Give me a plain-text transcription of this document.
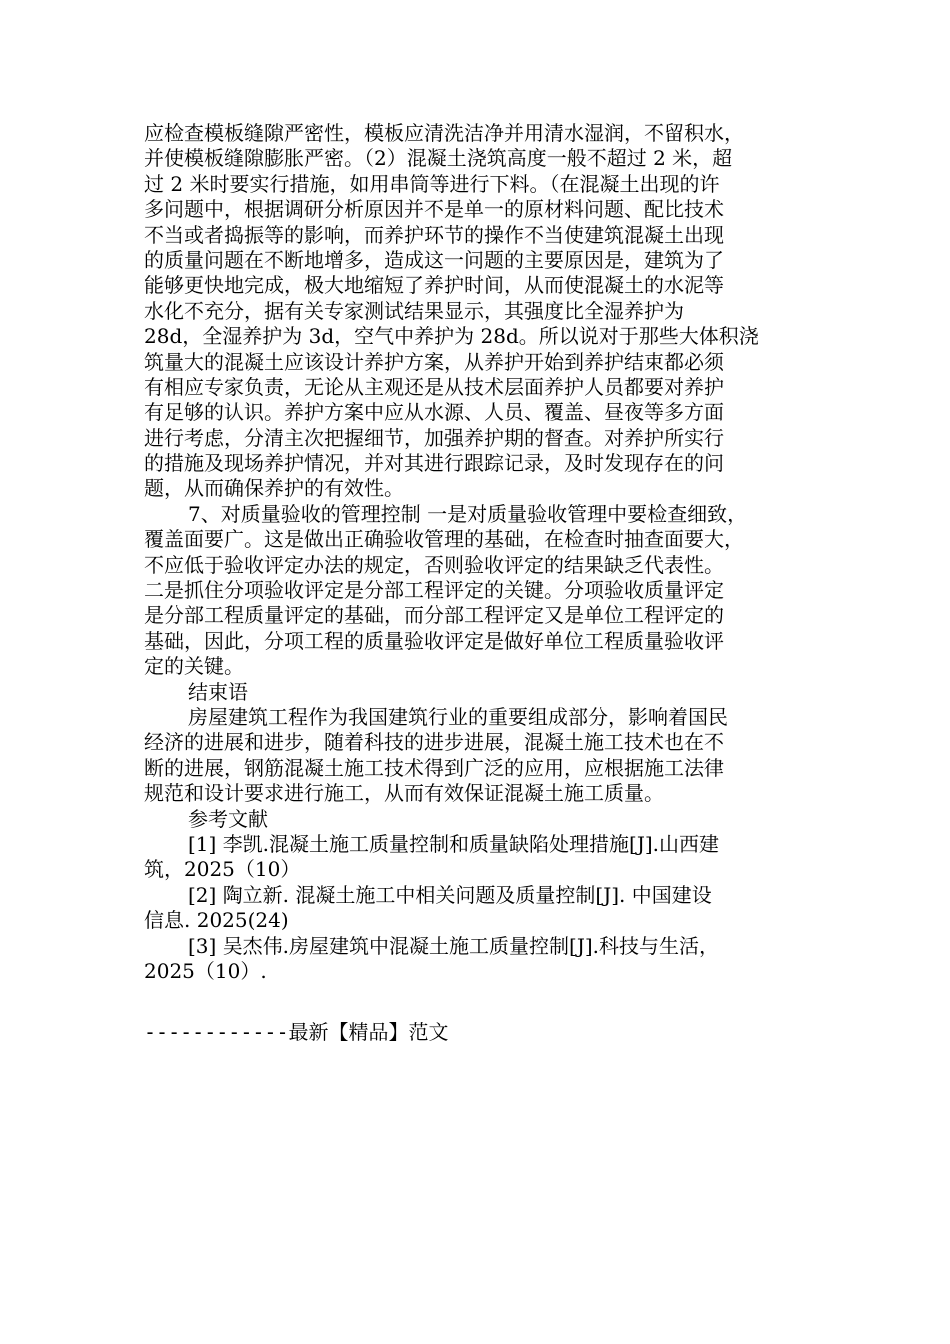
应检查模板缝隙严密性，模板应清洗洁净并用清水湿润，不留积水，
并使模板缝隙膨胀严密。（2）混凝土浇筑高度一般不超过 2 米，超
过 2 米时要实行措施，如用串筒等进行下料。（在混凝土出现的许
多问题中，根据调研分析原因并不是单一的原材料问题、配比技术
不当或者捣振等的影响，而养护环节的操作不当使建筑混凝土出现
的质量问题在不断地增多，造成这一问题的主要原因是，建筑为了
能够更快地完成，极大地缩短了养护时间，从而使混凝土的水泥等
水化不充分，据有关专家测试结果显示，其强度比全湿养护为
28d，全湿养护为 3d，空气中养护为 28d。所以说对于那些大体积浇
筑量大的混凝土应该设计养护方案，从养护开始到养护结束都必须
有相应专家负责，无论从主观还是从技术层面养护人员都要对养护
有足够的认识。养护方案中应从水源、人员、覆盖、昼夜等多方面
进行考虑，分清主次把握细节，加强养护期的督查。对养护所实行
的措施及现场养护情况，并对其进行跟踪记录，及时发现存在的问
题，从而确保养护的有效性。
7、对质量验收的管理控制 一是对质量验收管理中要检查细致，
覆盖面要广。这是做出正确验收管理的基础，在检查时抽查面要大，
不应低于验收评定办法的规定，否则验收评定的结果缺乏代表性。
二是抓住分项验收评定是分部工程评定的关键。分项验收质量评定
是分部工程质量评定的基础，而分部工程评定又是单位工程评定的
基础，因此，分项工程的质量验收评定是做好单位工程质量验收评
定的关键。
结束语
房屋建筑工程作为我国建筑行业的重要组成部分，影响着国民
经济的进展和进步，随着科技的进步进展，混凝土施工技术也在不
断的进展，钢筋混凝土施工技术得到广泛的应用，应根据施工法律
规范和设计要求进行施工，从而有效保证混凝土施工质量。
参考文献
[1] 李凯.混凝土施工质量控制和质量缺陷处理措施[J].山西建
筑，2025（10）
[2] 陶立新. 混凝土施工中相关问题及质量控制[J]. 中国建设
信息. 2025(24)
[3] 吴杰伟.房屋建筑中混凝土施工质量控制[J].科技与生活，
2025（10）.
------------最新【精品】范文
